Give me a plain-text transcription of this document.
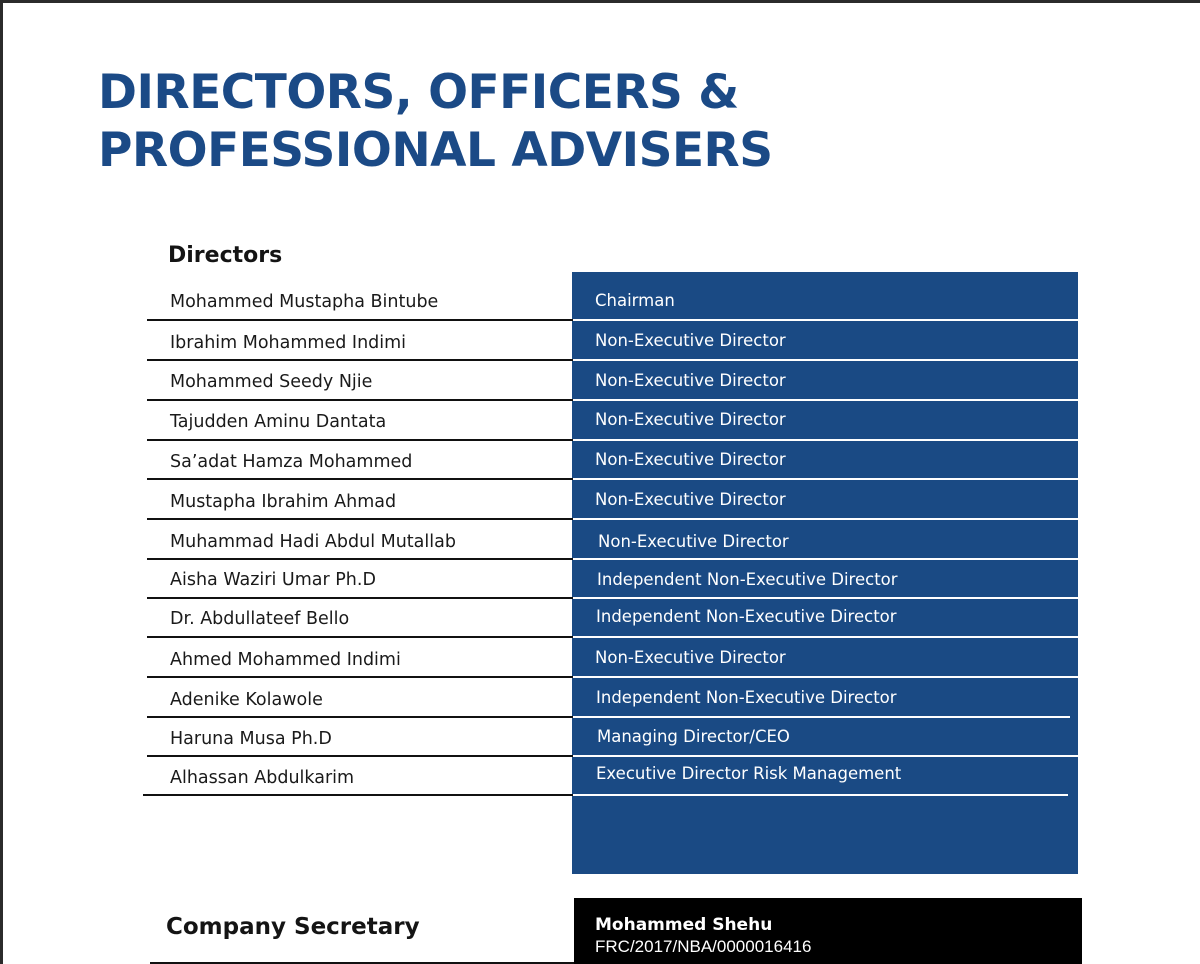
DIRECTORS, OFFICERS &
PROFESSIONAL ADVISERS
Directors
Mohammed Mustapha Bintube	Chairman
Ibrahim Mohammed Indimi	Non-Executive Director
Mohammed Seedy Njie	Non-Executive Director
Tajudden Aminu Dantata	Non-Executive Director
Sa’adat Hamza Mohammed	Non-Executive Director
Mustapha Ibrahim Ahmad	Non-Executive Director
Muhammad Hadi Abdul Mutallab	Non-Executive Director
Aisha Waziri Umar Ph.D	Independent Non-Executive Director
Dr. Abdullateef Bello	Independent Non-Executive Director
Ahmed Mohammed Indimi	Non-Executive Director
Adenike Kolawole	Independent Non-Executive Director
Haruna Musa Ph.D	Managing Director/CEO
Alhassan Abdulkarim	Executive Director Risk Management
Company Secretary	Mohammed Shehu
FRC/2017/NBA/0000016416
